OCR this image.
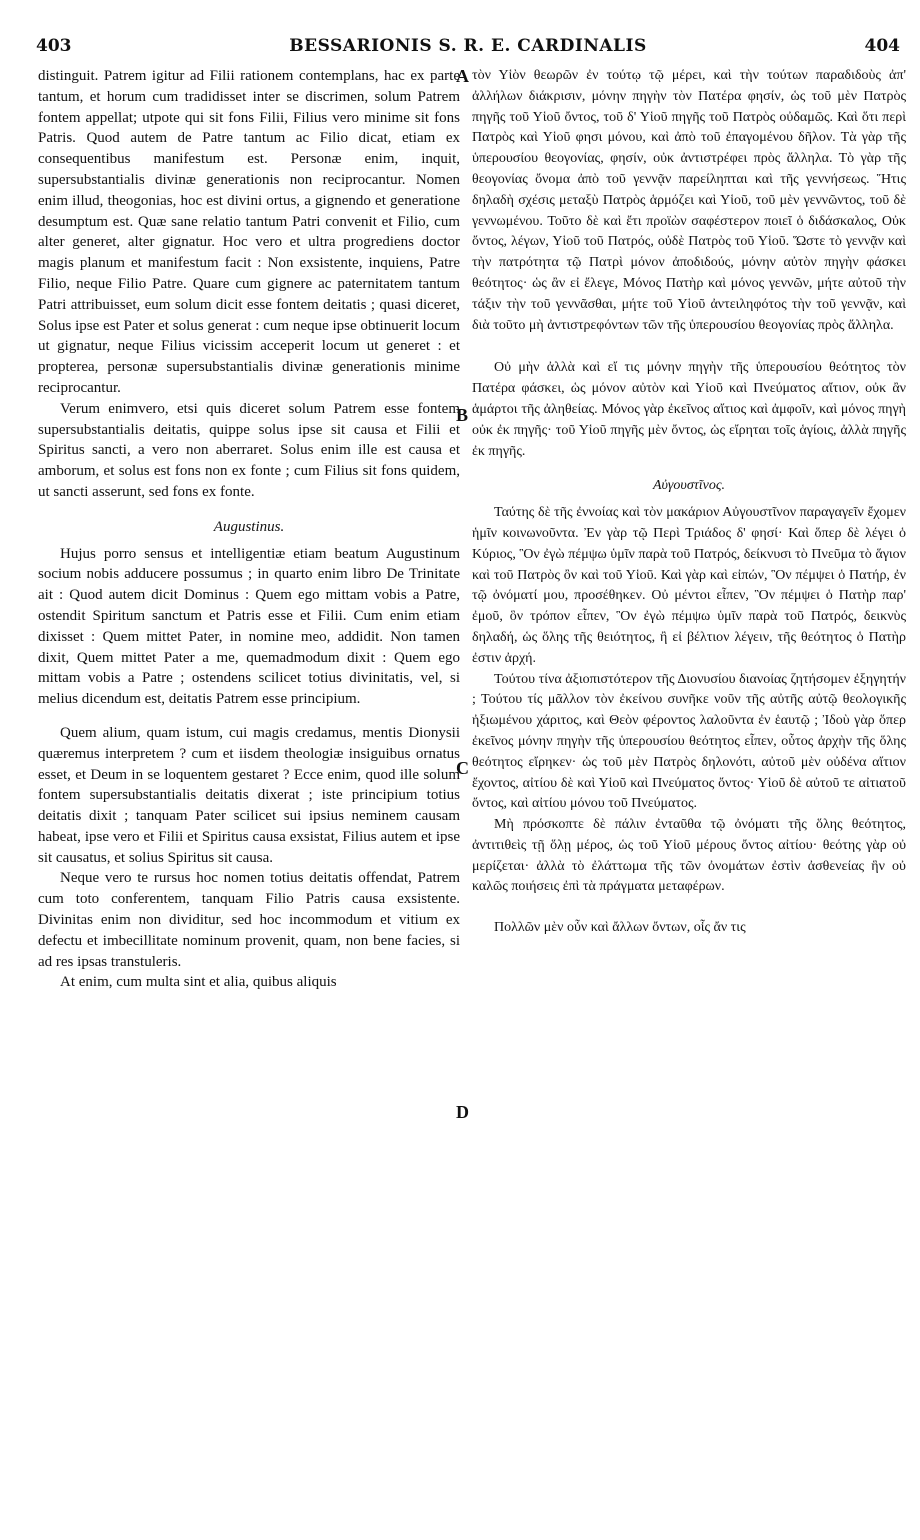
403	BESSARIONIS S. R. E. CARDINALIS	404
A
B
C
D

distinguit. Patrem igitur ad Filii rationem contemplans, hac ex parte tantum, et horum cum tradidisset inter se discrimen, solum Patrem fontem appellat; utpote qui sit fons Filii, Filius vero minime sit fons Patris. Quod autem de Patre tantum ac Filio dicat, etiam ex consequentibus manifestum est. Personæ enim, inquit, supersubstantialis divinæ generationis non reciprocantur. Nomen enim illud, theogonias, hoc est divini ortus, a gignendo et generatione desumptum est. Quæ sane relatio tantum Patri convenit et Filio, cum alter generet, alter gignatur. Hoc vero et ultra progrediens doctor magis planum et manifestum facit : Non exsistente, inquiens, Patre Filio, neque Filio Patre. Quare cum gignere ac paternitatem tantum Patri attribuisset, eum solum dicit esse fontem deitatis ; quasi diceret, Solus ipse est Pater et solus generat : cum neque ipse obtinuerit locum ut gignatur, neque Filius vicissim acceperit locum ut generet : et propterea, personæ supersubstantialis divinæ generationis minime reciprocantur.

Verum enimvero, etsi quis diceret solum Patrem esse fontem supersubstantialis deitatis, quippe solus ipse sit causa et Filii et Spiritus sancti, a vero non aberraret. Solus enim ille est causa et amborum, et solus est fons non ex fonte ; cum Filius sit fons quidem, ut sancti asserunt, sed fons ex fonte.

Augustinus.

Hujus porro sensus et intelligentiæ etiam beatum Augustinum socium nobis adducere possumus ; in quarto enim libro De Trinitate ait : Quod autem dicit Dominus : Quem ego mittam vobis a Patre, ostendit Spiritum sanctum et Patris esse et Filii. Cum enim etiam dixisset : Quem mittet Pater, in nomine meo, addidit. Non tamen dixit, Quem mittet Pater a me, quemadmodum dixit : Quem ego mittam vobis a Patre ; ostendens scilicet totius divinitatis, vel, si melius dicendum est, deitatis Patrem esse principium.

Quem alium, quam istum, cui magis credamus, mentis Dionysii quæremus interpretem ? cum et iisdem theologiæ insiguibus ornatus esset, et Deum in se loquentem gestaret ? Ecce enim, quod ille solum fontem supersubstantialis deitatis dixerat ; iste principium totius deitatis dixit ; tanquam Pater scilicet sui ipsius neminem causam habeat, ipse vero et Filii et Spiritus causa exsistat, Filius autem et ipse sit causatus, et solius Spiritus sit causa.

Neque vero te rursus hoc nomen totius deitatis offendat, Patrem cum toto conferentem, tanquam Filio Patris causa exsistente. Divinitas enim non dividitur, sed hoc incommodum et vitium ex defectu et imbecillitate nominum provenit, quam, non bene facies, si ad res ipsas transtuleris.

At enim, cum multa sint et alia, quibus aliquis

τὸν Υἱὸν θεωρῶν ἐν τούτῳ τῷ μέρει, καὶ τὴν τούτων παραδιδοὺς ἀπ' ἀλλήλων διάκρισιν, μόνην πηγὴν τὸν Πατέρα φησίν, ὡς τοῦ μὲν Πατρὸς πηγῆς τοῦ Υἱοῦ ὄντος, τοῦ δ' Υἱοῦ πηγῆς τοῦ Πατρὸς οὐδαμῶς. Καὶ ὅτι περὶ Πατρὸς καὶ Υἱοῦ φησι μόνου, καὶ ἀπὸ τοῦ ἐπαγομένου δῆλον. Τὰ γὰρ τῆς ὑπερουσίου θεογονίας, φησίν, οὐκ ἀντιστρέφει πρὸς ἄλληλα. Τὸ γὰρ τῆς θεογονίας ὄνομα ἀπὸ τοῦ γεννᾷν παρείληπται καὶ τῆς γεννήσεως. Ἥτις δηλαδὴ σχέσις μεταξὺ Πατρὸς ἁρμόζει καὶ Υἱοῦ, τοῦ μὲν γεννῶντος, τοῦ δὲ γεννωμένου. Τοῦτο δὲ καὶ ἔτι προϊὼν σαφέστερον ποιεῖ ὁ διδάσκαλος, Οὐκ ὄντος, λέγων, Υἱοῦ τοῦ Πατρός, οὐδὲ Πατρὸς τοῦ Υἱοῦ. Ὥστε τὸ γεννᾷν καὶ τὴν πατρότητα τῷ Πατρὶ μόνον ἀποδιδούς, μόνην αὐτὸν πηγὴν φάσκει θεότητος· ὡς ἂν εἰ ἔλεγε, Μόνος Πατὴρ καὶ μόνος γεννῶν, μήτε αὐτοῦ τὴν τάξιν τὴν τοῦ γεννᾶσθαι, μήτε τοῦ Υἱοῦ ἀντειληφότος τὴν τοῦ γεννᾷν, καὶ διὰ τοῦτο μὴ ἀντιστρεφόντων τῶν τῆς ὑπερουσίου θεογονίας πρὸς ἄλληλα.

Οὐ μὴν ἀλλὰ καὶ εἴ τις μόνην πηγὴν τῆς ὑπερουσίου θεότητος τὸν Πατέρα φάσκει, ὡς μόνον αὐτὸν καὶ Υἱοῦ καὶ Πνεύματος αἴτιον, οὐκ ἂν ἁμάρτοι τῆς ἀληθείας. Μόνος γὰρ ἐκεῖνος αἴτιος καὶ ἀμφοῖν, καὶ μόνος πηγὴ οὐκ ἐκ πηγῆς· τοῦ Υἱοῦ πηγῆς μὲν ὄντος, ὡς εἴρηται τοῖς ἁγίοις, ἀλλὰ πηγῆς ἐκ πηγῆς.

Αὐγουστῖνος.

Ταύτης δὲ τῆς ἐννοίας καὶ τὸν μακάριον Αὐγουστῖνον παραγαγεῖν ἔχομεν ἡμῖν κοινωνοῦντα. Ἐν γὰρ τῷ Περὶ Τριάδος δ' φησί· Καὶ ὅπερ δὲ λέγει ὁ Κύριος, Ὃν ἐγὼ πέμψω ὑμῖν παρὰ τοῦ Πατρός, δείκνυσι τὸ Πνεῦμα τὸ ἅγιον καὶ τοῦ Πατρὸς ὂν καὶ τοῦ Υἱοῦ. Καὶ γὰρ καὶ εἰπών, Ὃν πέμψει ὁ Πατήρ, ἐν τῷ ὀνόματί μου, προσέθηκεν. Οὐ μέντοι εἶπεν, Ὃν πέμψει ὁ Πατὴρ παρ' ἐμοῦ, ὃν τρόπον εἶπεν, Ὃν ἐγὼ πέμψω ὑμῖν παρὰ τοῦ Πατρός, δεικνὺς δηλαδή, ὡς ὅλης τῆς θειότητος, ἢ εἰ βέλτιον λέγειν, τῆς θεότητος ὁ Πατὴρ ἐστιν ἀρχή.

Τούτου τίνα ἀξιοπιστότερον τῆς Διονυσίου διανοίας ζητήσομεν ἐξηγητήν ; Τούτου τίς μᾶλλον τὸν ἐκείνου συνῆκε νοῦν τῆς αὐτῆς αὐτῷ θεολογικῆς ἠξιωμένου χάριτος, καὶ Θεὸν φέροντος λαλοῦντα ἐν ἑαυτῷ ; Ἰδοὺ γὰρ ὅπερ ἐκεῖνος μόνην πηγὴν τῆς ὑπερουσίου θεότητος εἶπεν, οὗτος ἀρχὴν τῆς ὅλης θεότητος εἴρηκεν· ὡς τοῦ μὲν Πατρὸς δηλονότι, αὐτοῦ μὲν οὐδένα αἴτιον ἔχοντος, αἰτίου δὲ καὶ Υἱοῦ καὶ Πνεύματος ὄντος· Υἱοῦ δὲ αὐτοῦ τε αἰτιατοῦ ὄντος, καὶ αἰτίου μόνου τοῦ Πνεύματος.

Μὴ πρόσκοπτε δὲ πάλιν ἐνταῦθα τῷ ὀνόματι τῆς ὅλης θεότητος, ἀντιτιθεὶς τῇ ὅλῃ μέρος, ὡς τοῦ Υἱοῦ μέρους ὄντος αἰτίου· θεότης γὰρ οὐ μερίζεται· ἀλλὰ τὸ ἐλάττωμα τῆς τῶν ὀνομάτων ἐστὶν ἀσθενείας ἣν οὐ καλῶς ποιήσεις ἐπὶ τὰ πράγματα μεταφέρων.

Πολλῶν μὲν οὖν καὶ ἄλλων ὄντων, οἷς ἄν τις
